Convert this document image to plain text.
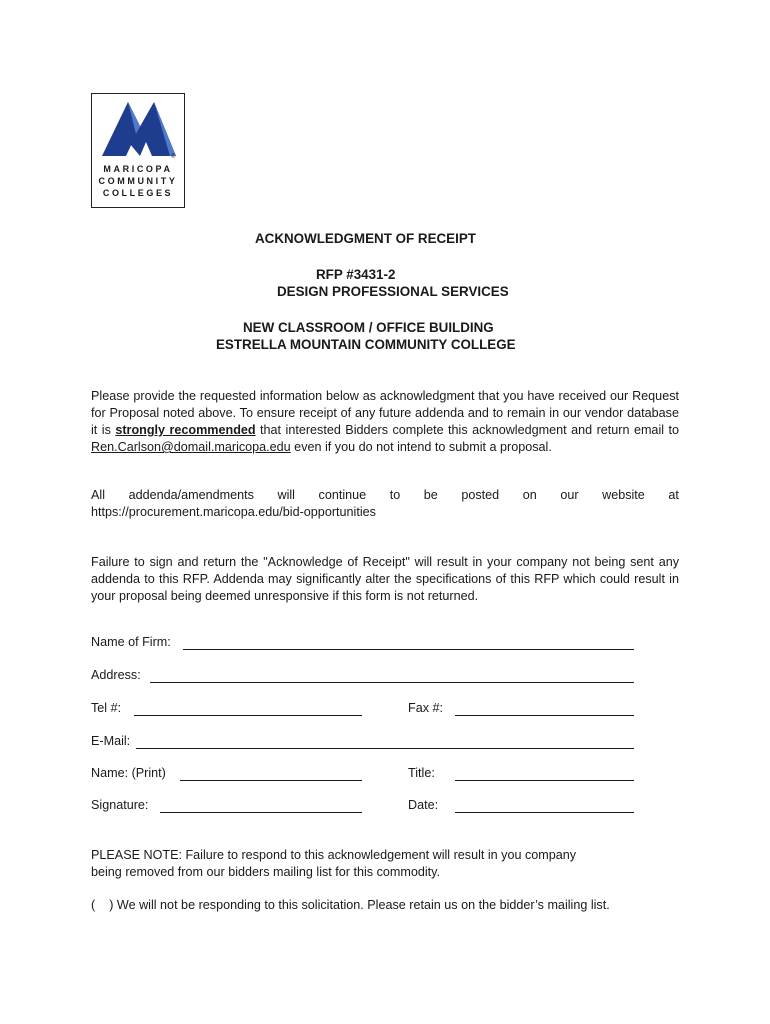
®
MARICOPA
COMMUNITY
COLLEGES
ACKNOWLEDGMENT OF RECEIPT
RFP #3431-2
DESIGN PROFESSIONAL SERVICES
NEW CLASSROOM / OFFICE BUILDING
ESTRELLA MOUNTAIN COMMUNITY COLLEGE
Please provide the requested information below as acknowledgment that you have received our Request for Proposal noted above. To ensure receipt of any future addenda and to remain in our vendor database it is strongly recommended that interested Bidders complete this acknowledgment and return email to Ren.Carlson@domail.maricopa.edu even if you do not intend to submit a proposal.
All addenda/amendments will continue to be posted on our website at
https://procurement.maricopa.edu/bid-opportunities
Failure to sign and return the "Acknowledge of Receipt" will result in your company not being sent any addenda to this RFP. Addenda may significantly alter the specifications of this RFP which could result in your proposal being deemed unresponsive if this form is not returned.
Name of Firm:
Address:
Tel #:	Fax #:
E-Mail:
Name: (Print)	Title:
Signature:	Date:
PLEASE NOTE: Failure to respond to this acknowledgement will result in you company
being removed from our bidders mailing list for this commodity.
( ) We will not be responding to this solicitation. Please retain us on the bidder’s mailing list.
